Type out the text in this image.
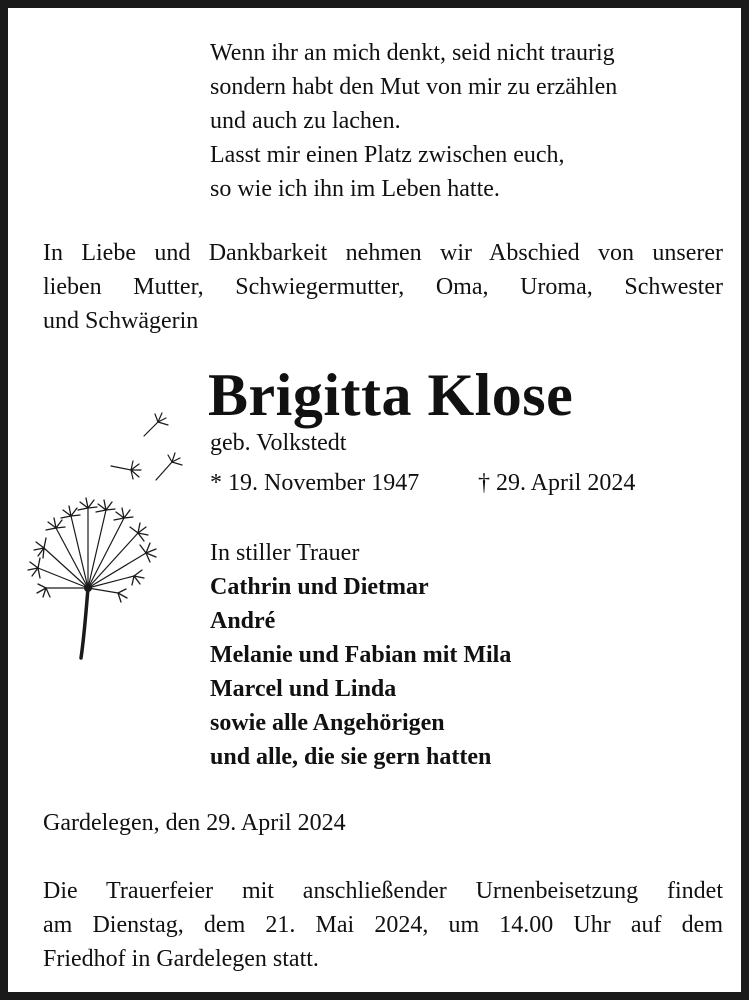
Wenn ihr an mich denkt, seid nicht traurig
sondern habt den Mut von mir zu erzählen
und auch zu lachen.
Lasst mir einen Platz zwischen euch,
so wie ich ihn im Leben hatte.
In Liebe und Dankbarkeit nehmen wir Abschied von unserer
lieben Mutter, Schwiegermutter, Oma, Uroma, Schwester
und Schwägerin
Brigitta Klose
geb. Volkstedt
* 19. November 1947 † 29. April 2024
In stiller Trauer
Cathrin und Dietmar
André
Melanie und Fabian mit Mila
Marcel und Linda
sowie alle Angehörigen
und alle, die sie gern hatten
Gardelegen, den 29. April 2024
Die Trauerfeier mit anschließender Urnenbeisetzung findet
am Dienstag, dem 21. Mai 2024, um 14.00 Uhr auf dem
Friedhof in Gardelegen statt.
